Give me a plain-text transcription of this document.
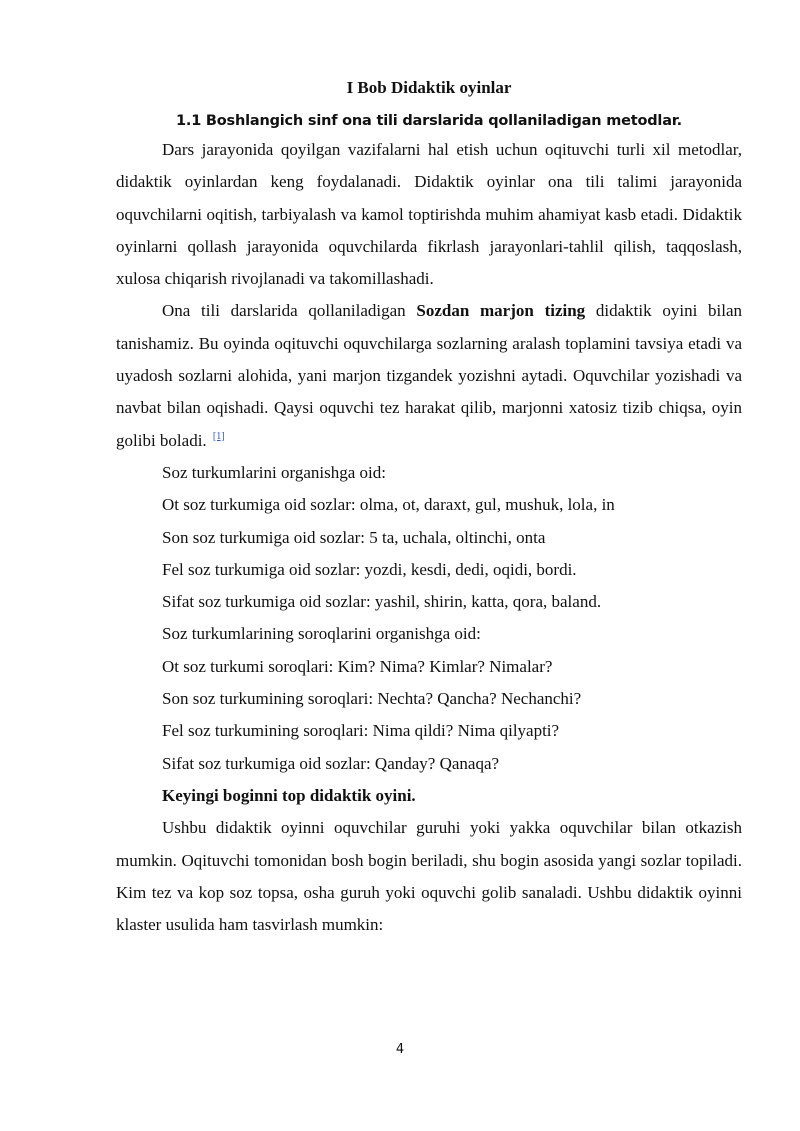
I Bob Didaktik oyinlar
1.1 Boshlangich sinf ona tili darslarida qollaniladigan metodlar.

Dars jarayonida qoyilgan vazifalarni hal etish uchun oqituvchi turli xil metodlar, didaktik oyinlardan keng foydalanadi. Didaktik oyinlar ona tili talimi jarayonida oquvchilarni oqitish, tarbiyalash va kamol toptirishda muhim ahamiyat kasb etadi. Didaktik oyinlarni qollash jarayonida oquvchilarda fikrlash jarayonlari-tahlil qilish, taqqoslash, xulosa chiqarish rivojlanadi va takomillashadi.

Ona tili darslarida qollaniladigan Sozdan marjon tizing didaktik oyini bilan tanishamiz. Bu oyinda oqituvchi oquvchilarga sozlarning aralash toplamini tavsiya etadi va uyadosh sozlarni alohida, yani marjon tizgandek yozishni aytadi. Oquvchilar yozishadi va navbat bilan oqishadi. Qaysi oquvchi tez harakat qilib, marjonni xatosiz tizib chiqsa, oyin golibi boladi. [1]

Soz turkumlarini organishga oid:

Ot soz turkumiga oid sozlar: olma, ot, daraxt, gul, mushuk, lola, in

Son soz turkumiga oid sozlar: 5 ta, uchala, oltinchi, onta

Fel soz turkumiga oid sozlar: yozdi, kesdi, dedi, oqidi, bordi.

Sifat soz turkumiga oid sozlar: yashil, shirin, katta, qora, baland.

Soz turkumlarining soroqlarini organishga oid:

Ot soz turkumi soroqlari: Kim? Nima? Kimlar? Nimalar?

Son soz turkumining soroqlari: Nechta? Qancha? Nechanchi?

Fel soz turkumining soroqlari: Nima qildi? Nima qilyapti?

Sifat soz turkumiga oid sozlar: Qanday? Qanaqa?

Keyingi boginni top didaktik oyini.

Ushbu didaktik oyinni oquvchilar guruhi yoki yakka oquvchilar bilan otkazish mumkin. Oqituvchi tomonidan bosh bogin beriladi, shu bogin asosida yangi sozlar topiladi. Kim tez va kop soz topsa, osha guruh yoki oquvchi golib sanaladi. Ushbu didaktik oyinni klaster usulida ham tasvirlash mumkin:

4
